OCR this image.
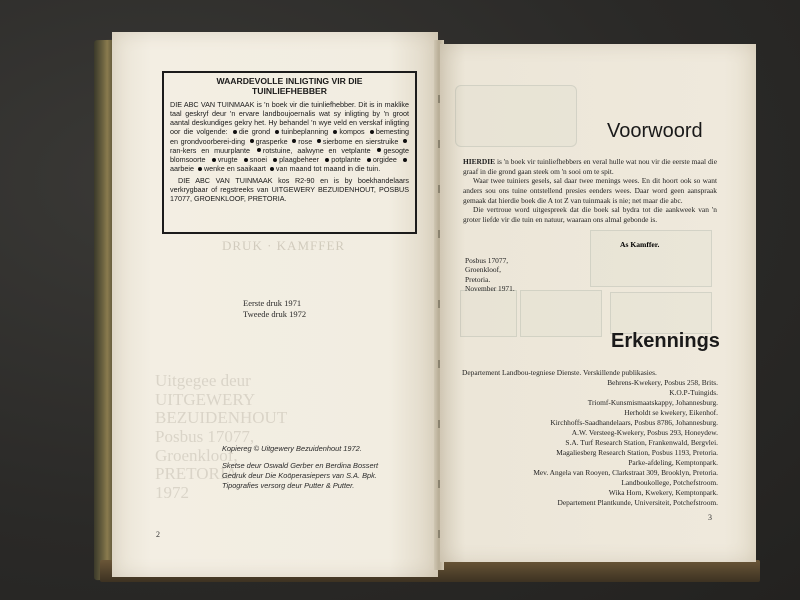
DRUK · KAMFFER
Uitgegee deur
UITGEWERY
BEZUIDENHOUT
Posbus 17077,
Groenkloof,
PRETORIA
1972
WAARDEVOLLE INLIGTING VIR DIE
TUINLIEFHEBBER

DIE ABC VAN TUINMAAK is 'n boek vir die tuinliefhebber. Dit is in maklike taal geskryf deur 'n ervare landboujoernalis wat sy inligting by 'n groot aantal deskundiges gekry het. Hy behandel 'n wye veld en verskaf inligting oor die volgende: die grond tuinbeplanning kompos bemesting en grondvoorberei-ding grasperke rose sierbome en sierstruike ran-kers en muurplante rotstuine, aalwyne en vetplante gesogte blomsoorte vrugte snoei plaagbeheer potplante orgidee aarbeie wenke en saaikaart van maand tot maand in die tuin.

DIE ABC VAN TUINMAAK kos R2-90 en is by boekhandelaars verkrygbaar of regstreeks van UITGEWERY BEZUIDENHOUT, POSBUS 17077, GROENKLOOF, PRETORIA.

Eerste druk 1971
Tweede druk 1972
Kopiereg © Uitgewery Bezuidenhout 1972.
Sketse deur Oswald Gerber en Berdina Bossert
Gedruk deur Die Koöperasiepers van S.A. Bpk.
Tipografies versorg deur Putter & Putter.
2
Voorwoord

HIERDIE is 'n boek vir tuinliefhebbers en veral hulle wat nou vir die eerste maal die graaf in die grond gaan steek om 'n sooi om te spit.

Waar twee tuiniers gesels, sal daar twee menings wees. En dit hoort ook so want anders sou ons tuine ontstellend presies eenders wees. Daar word geen aanspraak gemaak dat hierdie boek die A tot Z van tuinmaak is nie; net maar die abc.

Die vertroue word uitgespreek dat die boek sal bydra tot die aankweek van 'n groter liefde vir die tuin en natuur, waaraan ons almal gebonde is.

As Kamffer.
Posbus 17077,
Groenkloof,
Pretoria.
November 1971.
Erkennings
Departement Landbou-tegniese Dienste. Verskillende publikasies.
Behrens-Kwekery, Posbus 258, Brits.
K.O.P-Tuingids.
Triomf-Kunsmismaatskappy, Johannesburg.
Herholdt se kwekery, Eikenhof.
Kirchhoffs-Saadhandelaars, Posbus 8786, Johannesburg.
A.W. Versteeg-Kwekery, Posbus 293, Honeydew.
S.A. Turf Research Station, Frankenwald, Bergvlei.
Magaliesberg Research Station, Posbus 1193, Pretoria.
Parke-afdeling, Kemptonpark.
Mev. Angela van Rooyen, Clarkstraat 309, Brooklyn, Pretoria.
Landboukollege, Potchefstroom.
Wika Horn, Kwekery, Kemptonpark.
Departement Plantkunde, Universiteit, Potchefstroom.
3
